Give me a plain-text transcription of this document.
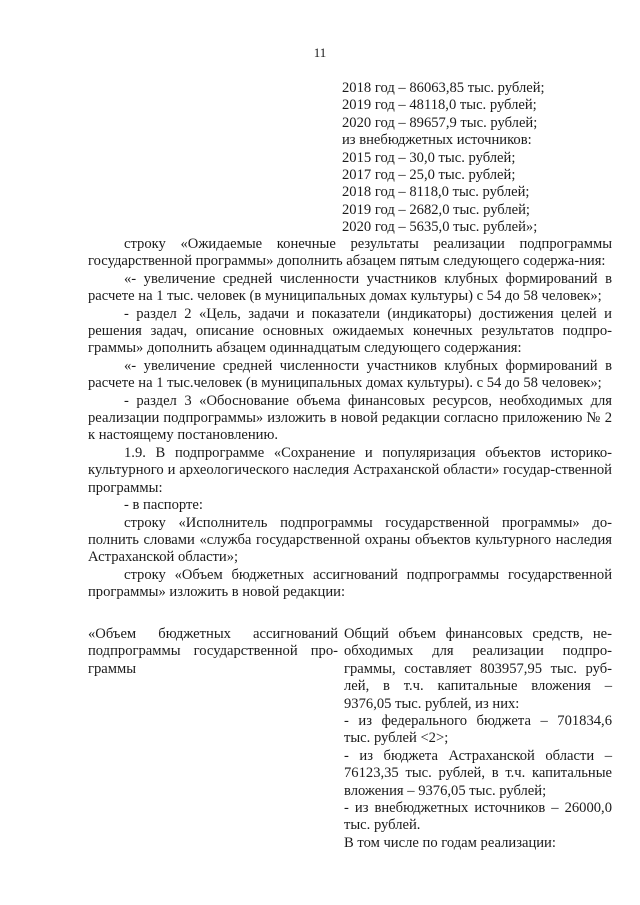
11
2018 год – 86063,85 тыс. рублей;
2019 год – 48118,0 тыс. рублей;
2020 год – 89657,9 тыс. рублей;
из внебюджетных источников:
2015 год – 30,0 тыс. рублей;
2017 год – 25,0 тыс. рублей;
2018 год – 8118,0 тыс. рублей;
2019 год – 2682,0 тыс. рублей;
2020 год – 5635,0 тыс. рублей»;
строку «Ожидаемые конечные результаты реализации подпрограммы государственной программы» дополнить абзацем пятым следующего содержа-ния:
«- увеличение средней численности участников клубных формирований в расчете на 1 тыс. человек (в муниципальных домах культуры) с 54 до 58 человек»;
- раздел 2 «Цель, задачи и показатели (индикаторы) достижения целей и решения задач, описание основных ожидаемых конечных результатов подпро-граммы» дополнить абзацем одиннадцатым следующего содержания:
«- увеличение средней численности участников клубных формирований в расчете на 1 тыс.человек (в муниципальных домах культуры). с 54 до 58 человек»;
- раздел 3 «Обоснование объема финансовых ресурсов, необходимых для реализации подпрограммы» изложить в новой редакции согласно приложению № 2 к настоящему постановлению.
1.9. В подпрограмме «Сохранение и популяризация объектов историко-культурного и археологического наследия Астраханской области» государ-ственной программы:
- в паспорте:
строку «Исполнитель подпрограммы государственной программы» до-полнить словами «служба государственной охраны объектов культурного наследия Астраханской области»;
строку «Объем бюджетных ассигнований подпрограммы государственной программы» изложить в новой редакции:
«Объем бюджетных ассигнований подпрограммы государственной про-граммы
Общий объем финансовых средств, не-обходимых для реализации подпро-граммы, составляет 803957,95 тыс. руб-лей, в т.ч. капитальные вложения – 9376,05 тыс. рублей, из них:
- из федерального бюджета – 701834,6 тыс. рублей <2>;
- из бюджета Астраханской области – 76123,35 тыс. рублей, в т.ч. капитальные вложения – 9376,05 тыс. рублей;
- из внебюджетных источников – 26000,0 тыс. рублей.
В том числе по годам реализации:
